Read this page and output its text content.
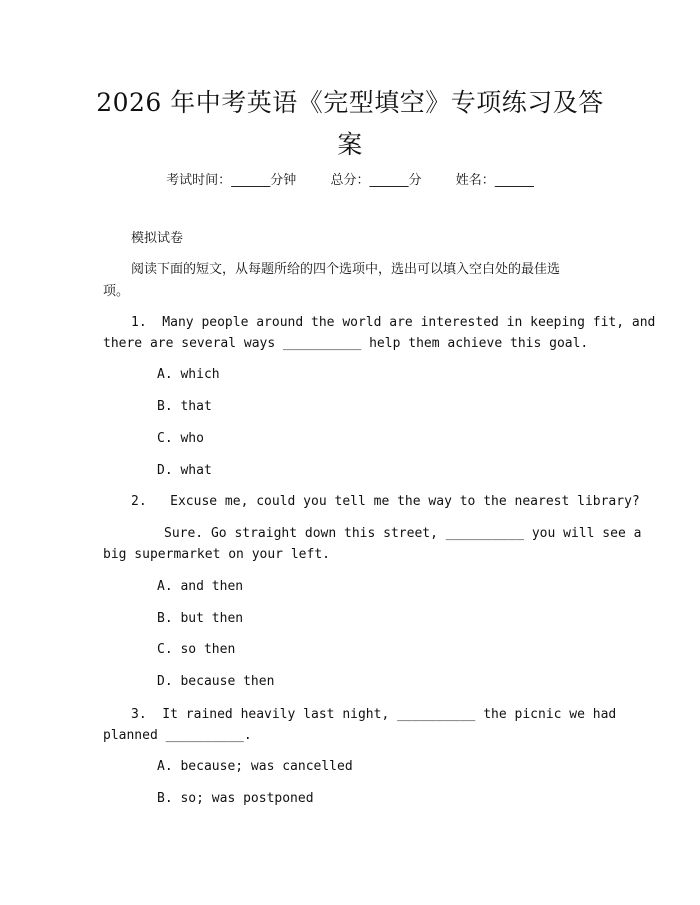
2026 年中考英语《完型填空》专项练习及答
案
考试时间：______分钟	总分：______分	姓名：______
模拟试卷
阅读下面的短文，从每题所给的四个选项中，选出可以填入空白处的最佳选
项。
1.  Many people around the world are interested in keeping fit, and
there are several ways __________ help them achieve this goal.
A. which
B. that
C. who
D. what
2.   Excuse me, could you tell me the way to the nearest library?
Sure. Go straight down this street, __________ you will see a
big supermarket on your left.
A. and then
B. but then
C. so then
D. because then
3.  It rained heavily last night, __________ the picnic we had
planned __________.
A. because; was cancelled
B. so; was postponed
